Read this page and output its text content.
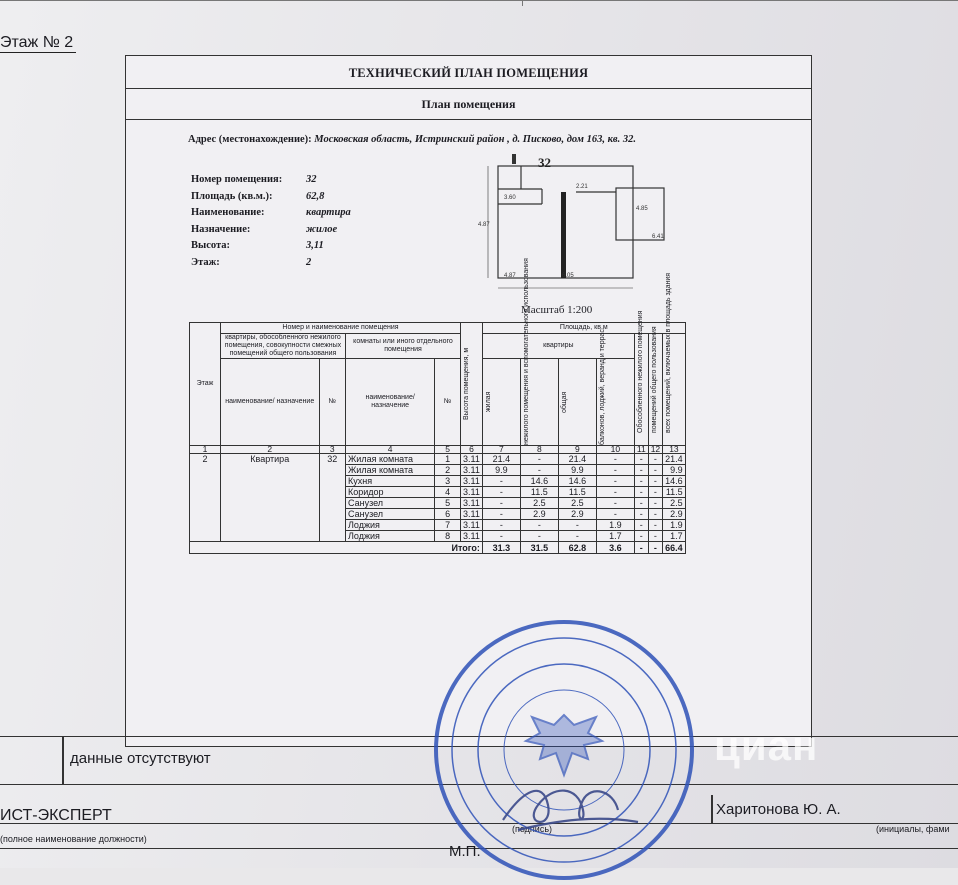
Этаж № 2
ТЕХНИЧЕСКИЙ ПЛАН ПОМЕЩЕНИЯ
План помещения
Адрес (местонахождение): Московская область, Истринский район , д. Писково, дом 163, кв. 32.
Номер помещения: 32
Площадь (кв.м.):	62,8
Наименование:	квартира
Назначение:	жилое
Высота:	3,11
Этаж:	2
32
2.21
4.87	6.05
4.87
3.60
4.85
6.41
Масштаб 1:200
Этаж	Номер и наименование помещения				Высота помещения, м	Площадь, кв.м						
	квартиры, обособленного нежилого помещения, совокупности смежных помещений общего пользования		комнаты или иного отдельного помещения			квартиры				Обособленного нежилого помещения	помещений общего пользования	всех помещений, включаемых в площадь здания

	наименование/ назначение	№	наименование/ назначение	№		жилая	нежилого помещения и вспомогательного использования	общая	балконов, лоджий, веранд и террас			

1	2	3	4	5	6	7	8	9	10	11	12	13
2	Квартира	32	Жилая комната	1	3.11	21.4	-	21.4	-	-	-	21.4
			Жилая комната	2	3.11	9.9	-	9.9	-	-	-	9.9
			Кухня	3	3.11	-	14.6	14.6	-	-	-	14.6
			Коридор	4	3.11	-	11.5	11.5	-	-	-	11.5
			Санузел	5	3.11	-	2.5	2.5	-	-	-	2.5
			Санузел	6	3.11	-	2.9	2.9	-	-	-	2.9
			Лоджия	7	3.11	-	-	-	1.9	-	-	1.9
			Лоджия	8	3.11	-	-	-	1.7	-	-	1.7
Итого:						31.3	31.5	62.8	3.6	-	-	66.4
данные отсутствуют
ИСТ-ЭКСПЕРТ
(полное наименование должности)
(подпись)
Харитонова Ю. А.
(инициалы, фами
М.П.
циан
